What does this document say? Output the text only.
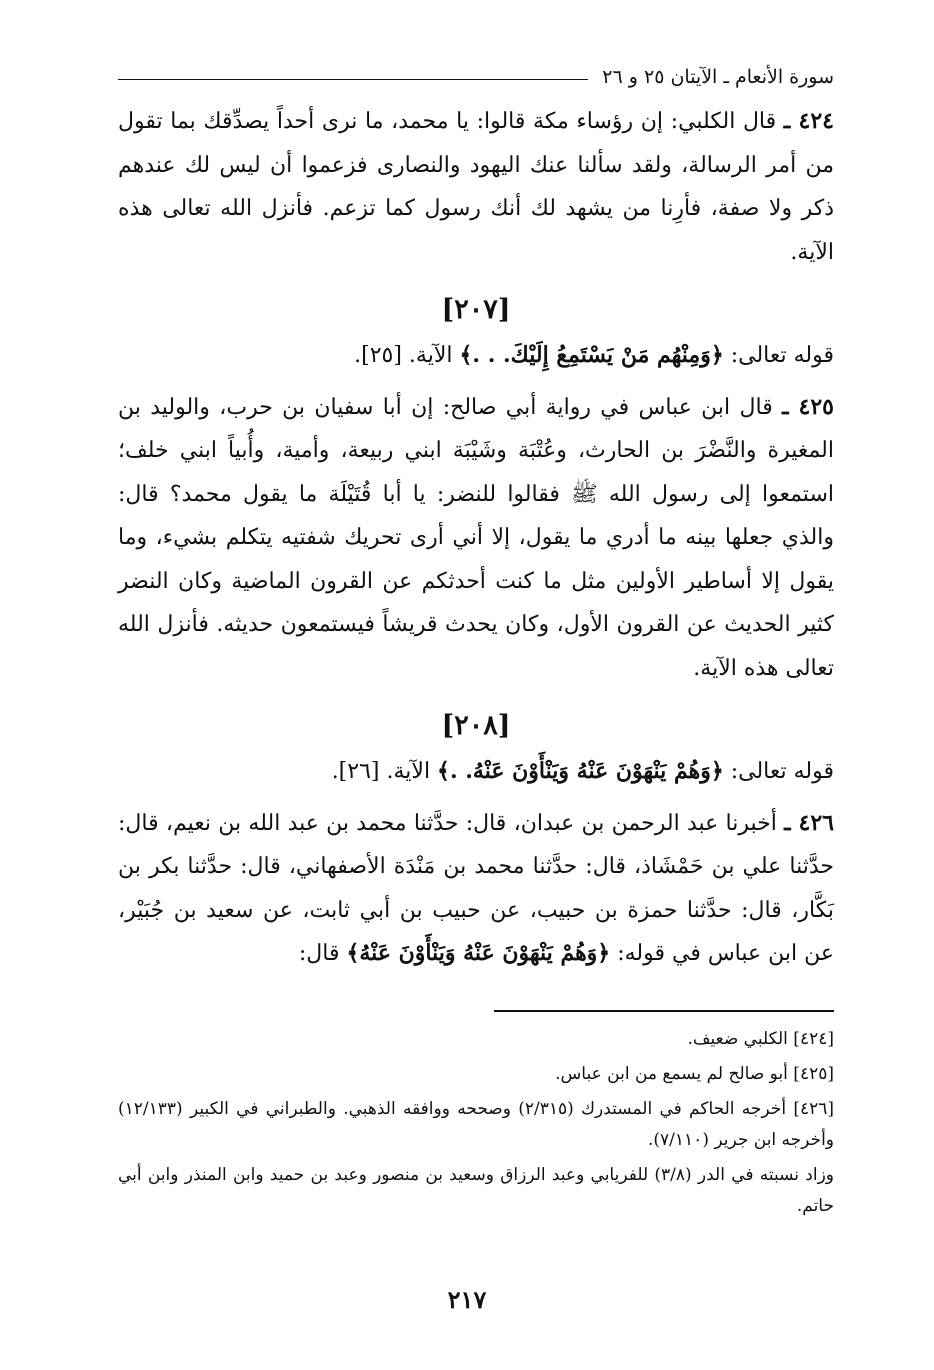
سورة الأنعام ـ الآيتان ٢٥ و ٢٦

٤٢٤ ـ قال الكلبي: إن رؤساء مكة قالوا: يا محمد، ما نرى أحداً يصدِّقك بما تقول من أمر الرسالة، ولقد سألنا عنك اليهود والنصارى فزعموا أن ليس لك عندهم ذكر ولا صفة، فأرِنا من يشهد لك أنك رسول كما تزعم. فأنزل الله تعالى هذه الآية.

[٢٠٧]

قوله تعالى: ﴿وَمِنْهُم مَنْ يَسْتَمِعُ إِلَيْكَ. . .﴾ الآية. [٢٥].

٤٢٥ ـ قال ابن عباس في رواية أبي صالح: إن أبا سفيان بن حرب، والوليد بن المغيرة والنَّضْرَ بن الحارث، وعُتْبَة وشَيْبَة ابني ربيعة، وأمية، وأُبياً ابني خلف؛ استمعوا إلى رسول الله ﷺ فقالوا للنضر: يا أبا قُتَيْلَة ما يقول محمد؟ قال: والذي جعلها بينه ما أدري ما يقول، إلا أني أرى تحريك شفتيه يتكلم بشيء، وما يقول إلا أساطير الأولين مثل ما كنت أحدثكم عن القرون الماضية وكان النضر كثير الحديث عن القرون الأول، وكان يحدث قريشاً فيستمعون حديثه. فأنزل الله تعالى هذه الآية.

[٢٠٨]

قوله تعالى: ﴿وَهُمْ يَنْهَوْنَ عَنْهُ وَيَنْأَوْنَ عَنْهُ. .﴾ الآية. [٢٦].

٤٢٦ ـ أخبرنا عبد الرحمن بن عبدان، قال: حدَّثنا محمد بن عبد الله بن نعيم، قال: حدَّثنا علي بن حَمْشَاذ، قال: حدَّثنا محمد بن مَنْدَة الأصفهاني، قال: حدَّثنا بكر بن بَكَّار، قال: حدَّثنا حمزة بن حبيب، عن حبيب بن أبي ثابت، عن سعيد بن جُبَيْر، عن ابن عباس في قوله: ﴿وَهُمْ يَنْهَوْنَ عَنْهُ وَيَنْأَوْنَ عَنْهُ﴾ قال:

[٤٢٤] الكلبي ضعيف.

[٤٢٥] أبو صالح لم يسمع من ابن عباس.

[٤٢٦] أخرجه الحاكم في المستدرك (٢/٣١٥) وصححه ووافقه الذهبي. والطبراني في الكبير (١٢/١٣٣) وأخرجه ابن جرير (٧/١١٠).

وزاد نسبته في الدر (٣/٨) للفريابي وعبد الرزاق وسعيد بن منصور وعبد بن حميد وابن المنذر وابن أبي حاتم.

٢١٧
